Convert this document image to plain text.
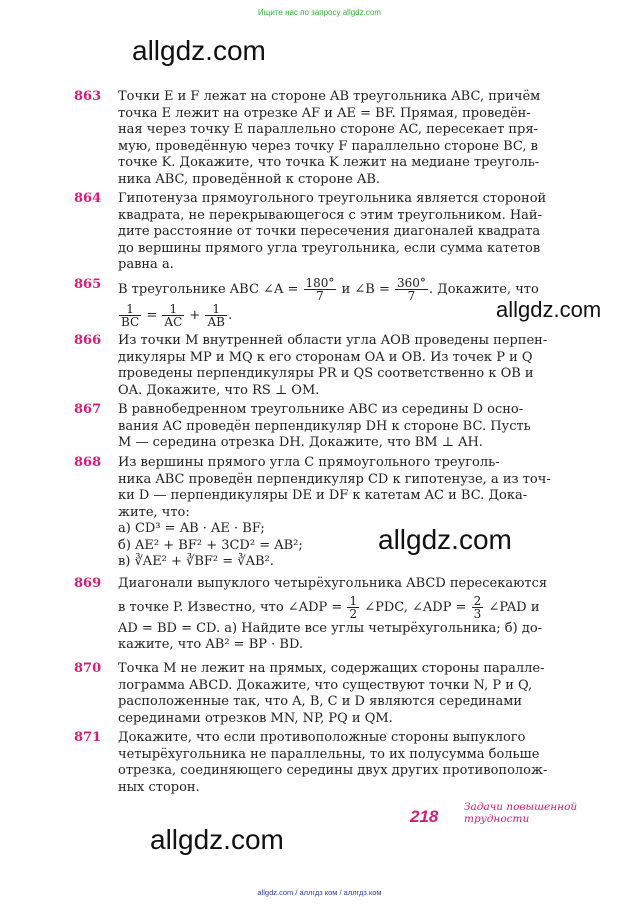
Ищите нас по запросу allgdz.com
allgdz.com
allgdz.com
allgdz.com
allgdz.com
863 Точки E и F лежат на стороне AB треугольника ABC, причём
точка E лежит на отрезке AF и AE = BF. Прямая, проведён-
ная через точку E параллельно стороне AC, пересекает пря-
мую, проведённую через точку F параллельно стороне BC, в
точке K. Докажите, что точка K лежит на медиане треуголь-
ника ABC, проведённой к стороне AB.
864 Гипотенуза прямоугольного треугольника является стороной
квадрата, не перекрывающегося с этим треугольником. Най-
дите расстояние от точки пересечения диагоналей квадрата
до вершины прямого угла треугольника, если сумма катетов
равна a.
865 В треугольнике ABC ∠A = $\frac{180^\circ}{7}$ и ∠B = $\frac{360^\circ}{7}$ . Докажите, что
$\frac{1}{BC} = \frac{1}{AC} + \frac{1}{AB}$ .
866 Из точки M внутренней области угла AOB проведены перпен-
дикуляры MP и MQ к его сторонам OA и OB. Из точек P и Q
проведены перпендикуляры PR и QS соответственно к OB и
OA. Докажите, что RS ⊥ OM.
867 В равнобедренном треугольнике ABC из середины D осно-
вания AC проведён перпендикуляр DH к стороне BC. Пусть
M — середина отрезка DH. Докажите, что BM ⊥ AH.
868 Из вершины прямого угла C прямоугольного треуголь-
ника ABC проведён перпендикуляр CD к гипотенузе, а из точ-
ки D — перпендикуляры DE и DF к катетам AC и BC. Дока-
жите, что:
а) CD³ = AB · AE · BF;
б) AE² + BF² + 3CD² = AB²;
в) ∛AE² + ∛BF² = ∛AB².
869 Диагонали выпуклого четырёхугольника ABCD пересекаются
в точке P. Известно, что ∠ADP = $\frac{1}{2}$ ∠PDC, ∠ADP = $\frac{2}{3}$ ∠PAD и
AD = BD = CD. а) Найдите все углы четырёхугольника; б) до-
кажите, что AB² = BP · BD.
870 Точка M не лежит на прямых, содержащих стороны паралле-
лограмма ABCD. Докажите, что существуют точки N, P и Q,
расположенные так, что A, B, C и D являются серединами
серединами отрезков MN, NP, PQ и QM.
871 Докажите, что если противоположные стороны выпуклого
четырёхугольника не параллельны, то их полусумма больше
отрезка, соединяющего середины двух других противополож-
ных сторон.
218 Задачи повышенной
трудности
allgdz.com / аллгдз ком / аллгдз.ком
